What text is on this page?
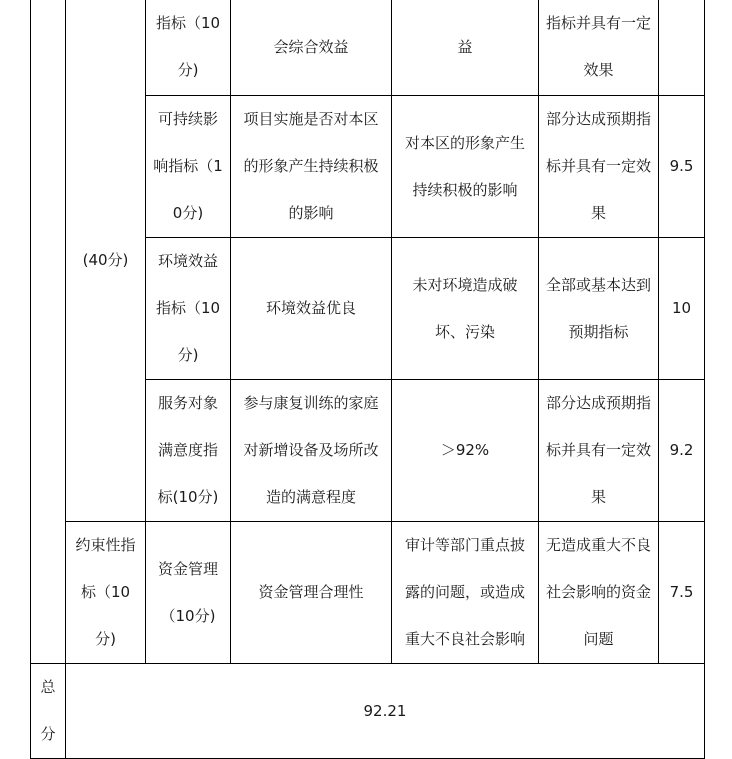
	(40分)	指标（10分)	会综合效益	益	指标并具有一定效果	
		可持续影响指标（10分)	项目实施是否对本区的形象产生持续积极的影响	对本区的形象产生持续积极的影响	部分达成预期指标并具有一定效果	9.5
		环境效益指标（10分)	环境效益优良	未对环境造成破坏、污染	全部或基本达到预期指标	10
		服务对象满意度指标(10分)	参与康复训练的家庭对新增设备及场所改造的满意程度	＞92%	部分达成预期指标并具有一定效果	9.2
	约束性指标（10分)	资金管理（10分)	资金管理合理性	审计等部门重点披露的问题，或造成重大不良社会影响	无造成重大不良社会影响的资金问题	7.5
总分	92.21					
